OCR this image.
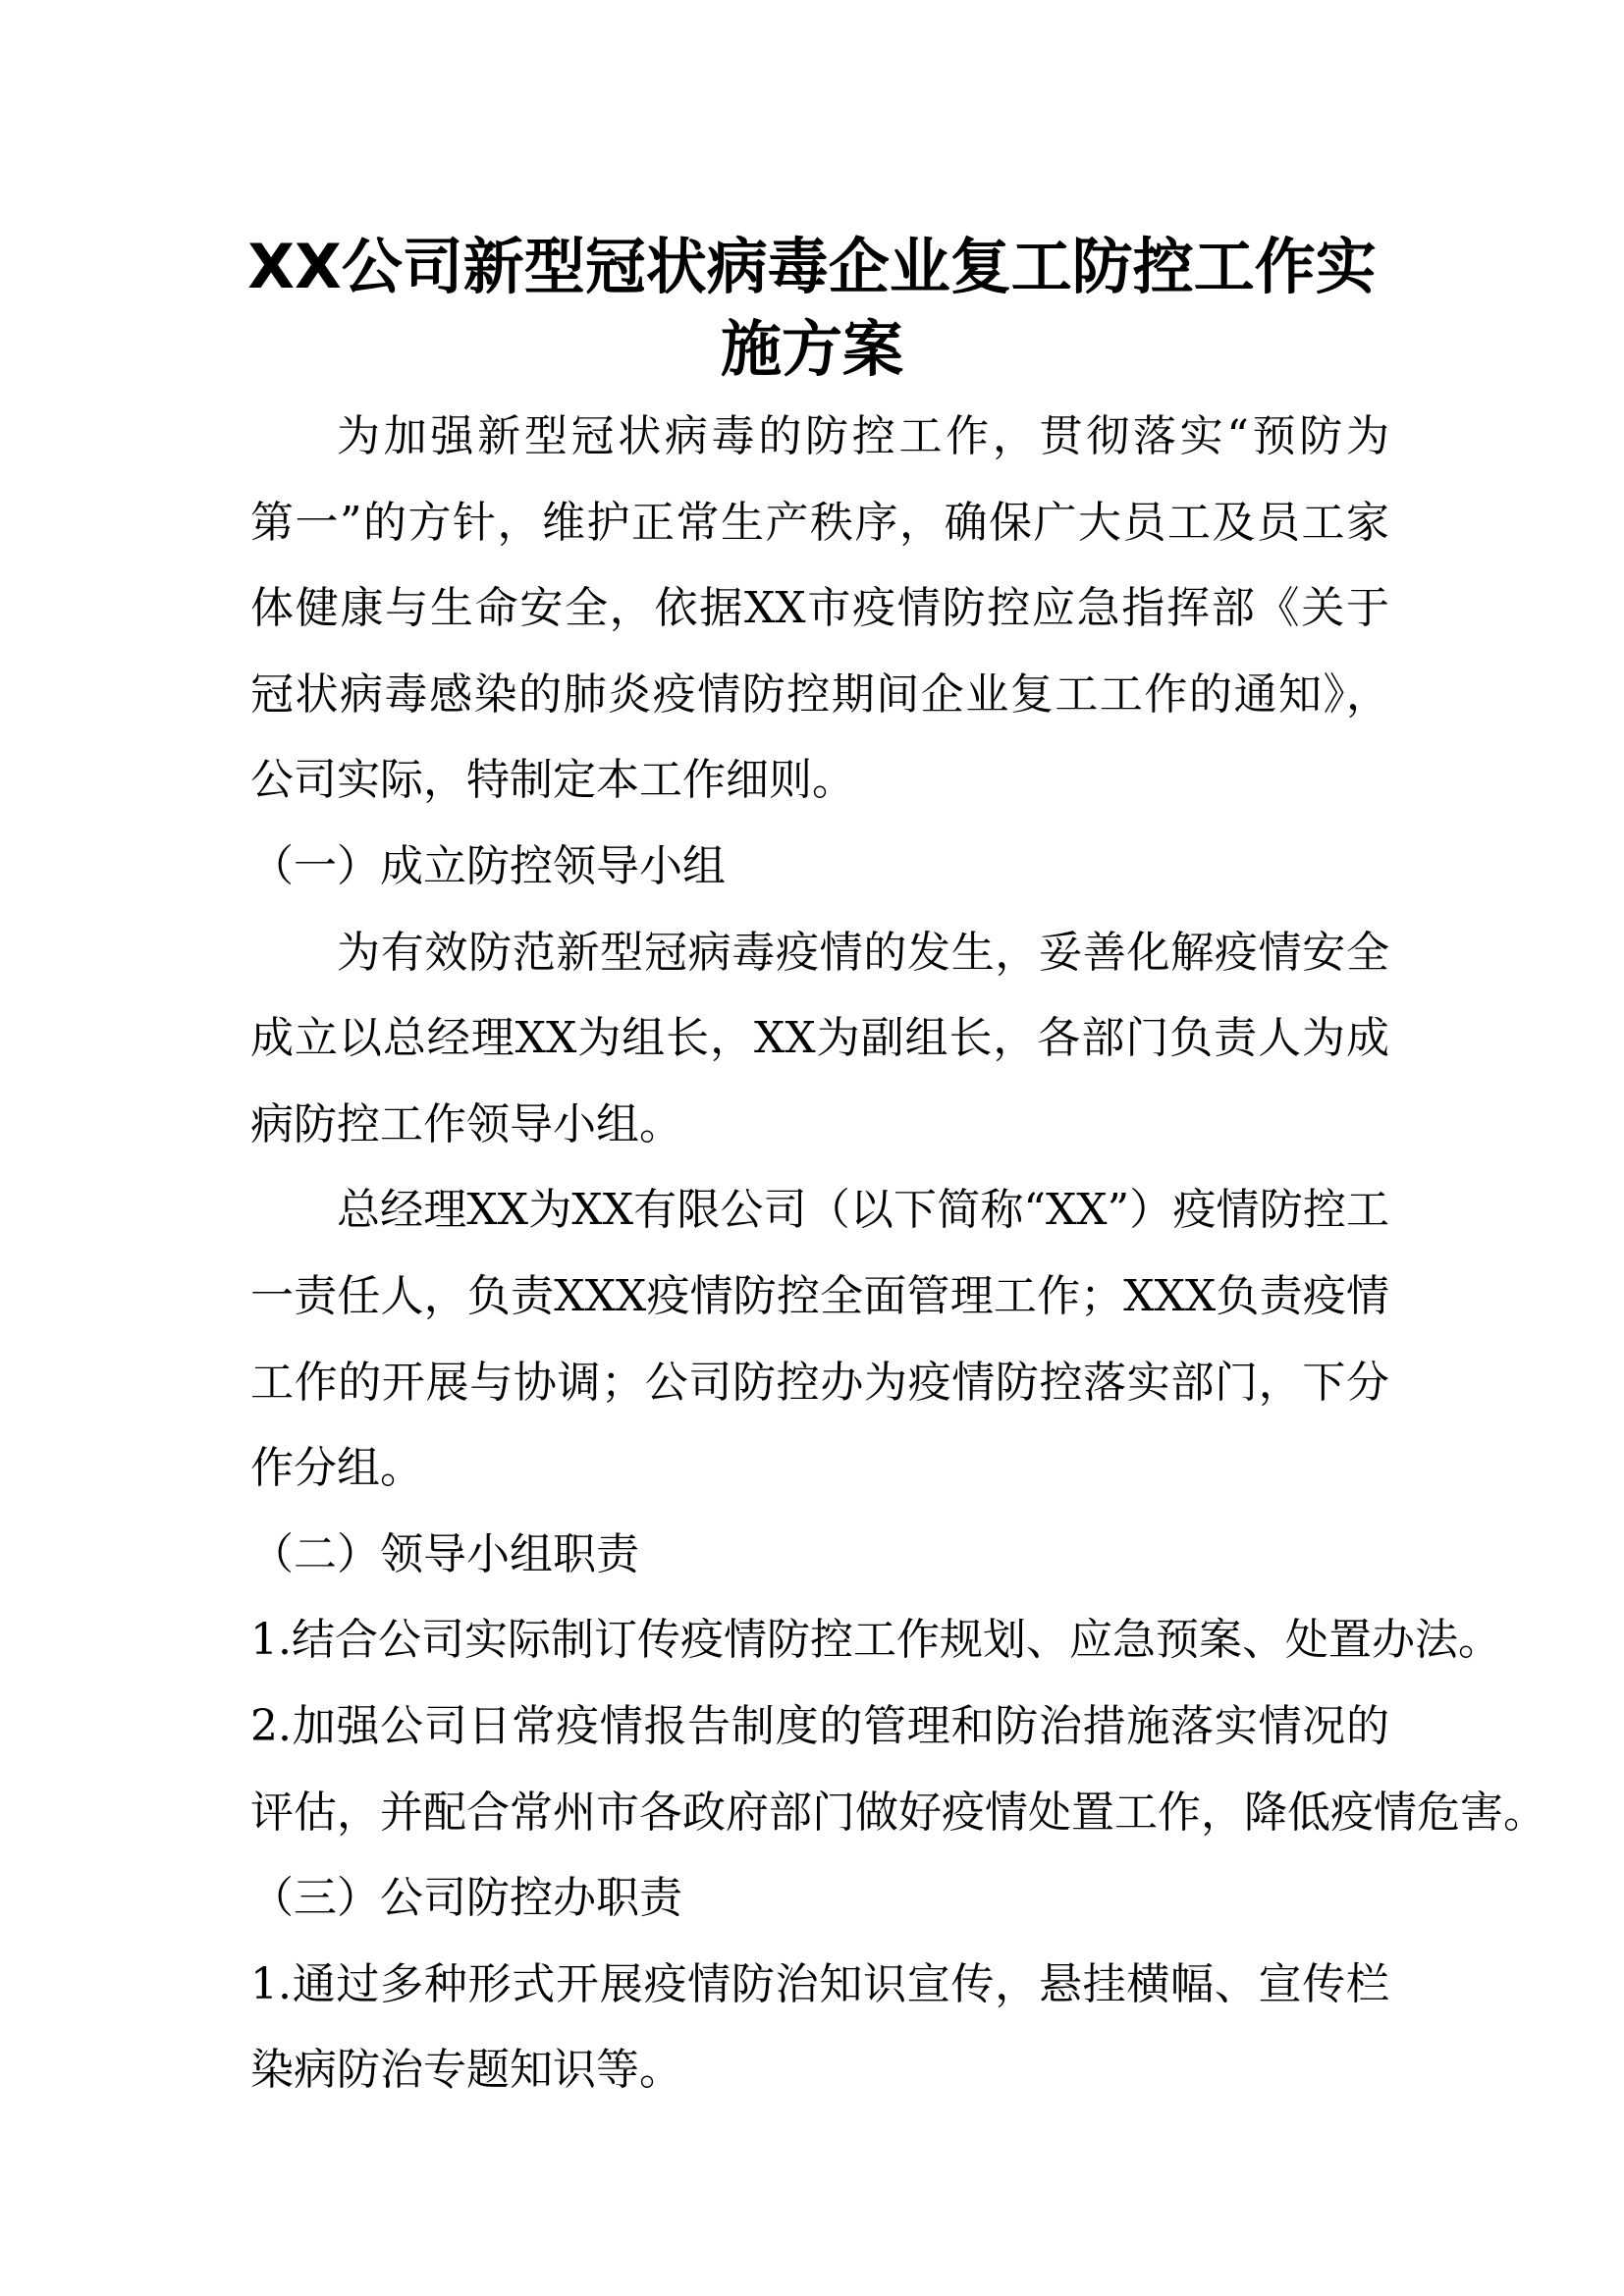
XX公司新型冠状病毒企业复工防控工作实
施方案
为加强新型冠状病毒的防控工作，贯彻落实“预防为
第一”的方针，维护正常生产秩序，确保广大员工及员工家
体健康与生命安全，依据XX市疫情防控应急指挥部《关于
冠状病毒感染的肺炎疫情防控期间企业复工工作的通知》，
公司实际，特制定本工作细则。
（一）成立防控领导小组
为有效防范新型冠病毒疫情的发生，妥善化解疫情安全
成立以总经理XX为组长，XX为副组长，各部门负责人为成
病防控工作领导小组。
总经理XX为XX有限公司（以下简称“XX”）疫情防控工
一责任人，负责XXX疫情防控全面管理工作；XXX负责疫情
工作的开展与协调；公司防控办为疫情防控落实部门，下分
作分组。
（二）领导小组职责
1.结合公司实际制订传疫情防控工作规划、应急预案、处置办法。
2.加强公司日常疫情报告制度的管理和防治措施落实情况的
评估，并配合常州市各政府部门做好疫情处置工作，降低疫情危害。
（三）公司防控办职责
1.通过多种形式开展疫情防治知识宣传，悬挂横幅、宣传栏
染病防治专题知识等。
